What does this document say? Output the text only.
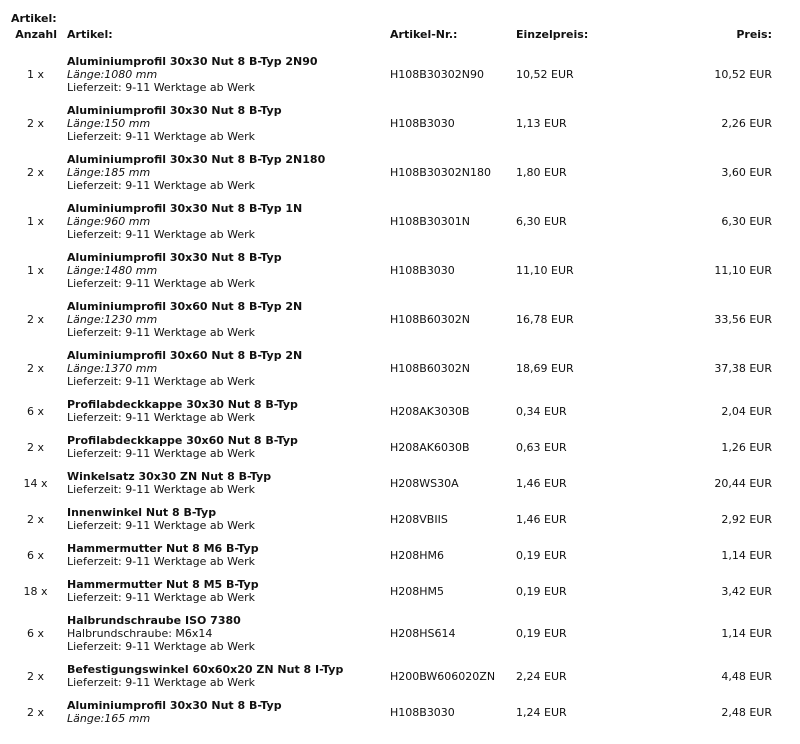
Artikel:
Anzahl	Artikel:	Artikel-Nr.:	Einzelpreis:	Preis:
1 x	Aluminiumprofil 30x30 Nut 8 B-Typ 2N90
Länge:1080 mm
Lieferzeit: 9-11 Werktage ab Werk	H108B30302N90	10,52 EUR	10,52 EUR
2 x	Aluminiumprofil 30x30 Nut 8 B-Typ
Länge:150 mm
Lieferzeit: 9-11 Werktage ab Werk	H108B3030	1,13 EUR	2,26 EUR
2 x	Aluminiumprofil 30x30 Nut 8 B-Typ 2N180
Länge:185 mm
Lieferzeit: 9-11 Werktage ab Werk	H108B30302N180	1,80 EUR	3,60 EUR
1 x	Aluminiumprofil 30x30 Nut 8 B-Typ 1N
Länge:960 mm
Lieferzeit: 9-11 Werktage ab Werk	H108B30301N	6,30 EUR	6,30 EUR
1 x	Aluminiumprofil 30x30 Nut 8 B-Typ
Länge:1480 mm
Lieferzeit: 9-11 Werktage ab Werk	H108B3030	11,10 EUR	11,10 EUR
2 x	Aluminiumprofil 30x60 Nut 8 B-Typ 2N
Länge:1230 mm
Lieferzeit: 9-11 Werktage ab Werk	H108B60302N	16,78 EUR	33,56 EUR
2 x	Aluminiumprofil 30x60 Nut 8 B-Typ 2N
Länge:1370 mm
Lieferzeit: 9-11 Werktage ab Werk	H108B60302N	18,69 EUR	37,38 EUR
6 x	Profilabdeckkappe 30x30 Nut 8 B-Typ
Lieferzeit: 9-11 Werktage ab Werk	H208AK3030B	0,34 EUR	2,04 EUR
2 x	Profilabdeckkappe 30x60 Nut 8 B-Typ
Lieferzeit: 9-11 Werktage ab Werk	H208AK6030B	0,63 EUR	1,26 EUR
14 x	Winkelsatz 30x30 ZN Nut 8 B-Typ
Lieferzeit: 9-11 Werktage ab Werk	H208WS30A	1,46 EUR	20,44 EUR
2 x	Innenwinkel Nut 8 B-Typ
Lieferzeit: 9-11 Werktage ab Werk	H208VBIIS	1,46 EUR	2,92 EUR
6 x	Hammermutter Nut 8 M6 B-Typ
Lieferzeit: 9-11 Werktage ab Werk	H208HM6	0,19 EUR	1,14 EUR
18 x	Hammermutter Nut 8 M5 B-Typ
Lieferzeit: 9-11 Werktage ab Werk	H208HM5	0,19 EUR	3,42 EUR
6 x	Halbrundschraube ISO 7380
Halbrundschraube: M6x14
Lieferzeit: 9-11 Werktage ab Werk	H208HS614	0,19 EUR	1,14 EUR
2 x	Befestigungswinkel 60x60x20 ZN Nut 8 I-Typ
Lieferzeit: 9-11 Werktage ab Werk	H200BW606020ZN	2,24 EUR	4,48 EUR
2 x	Aluminiumprofil 30x30 Nut 8 B-Typ
Länge:165 mm	H108B3030	1,24 EUR	2,48 EUR
